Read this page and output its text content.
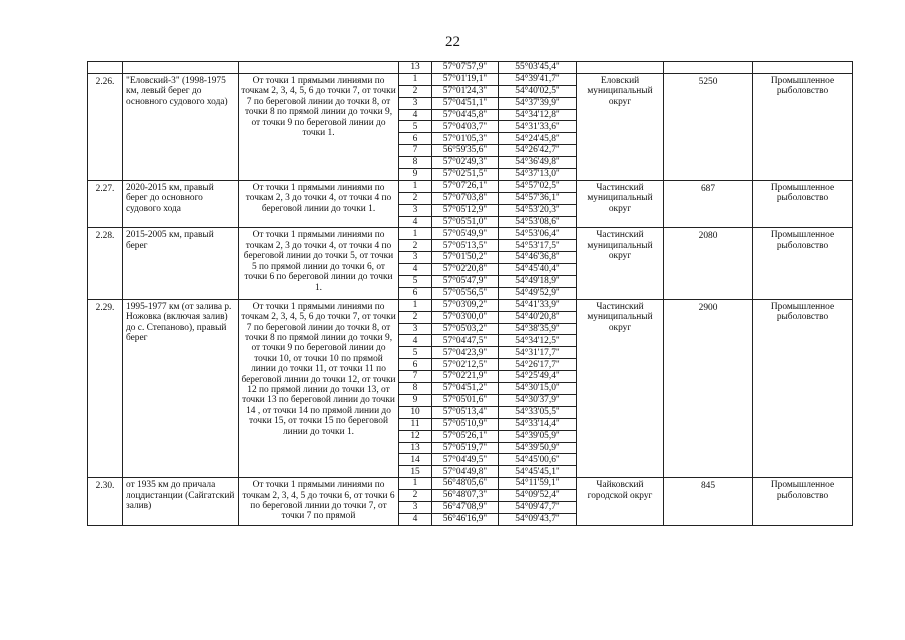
22
			13	57°07'57,9"	55°03'45,4"			
2.26.	"Еловский-3" (1998-1975 км, левый берег до основного судового хода)	От точки 1 прямыми линиями по точкам 2, 3, 4, 5, 6 до точки 7, от точки 7 по береговой линии до точки 8, от точки 8 по прямой линии до точки 9, от точки 9 по береговой линии до точки 1.	1	57°01'19,1"	54°39'41,7"	Еловский муниципальный округ	5250	Промышленное рыболовство
			2	57°01'24,3"	54°40'02,5"			
			3	57°04'51,1"	54°37'39,9"			
			4	57°04'45,8"	54°34'12,8"			
			5	57°04'03,7"	54°31'33,6"			
			6	57°01'05,3"	54°24'45,8"			
			7	56°59'35,6"	54°26'42,7"			
			8	57°02'49,3"	54°36'49,8"			
			9	57°02'51,5"	54°37'13,0"			
2.27.	2020-2015 км, правый берег до основного судового хода	От точки 1 прямыми линиями по точкам 2, 3 до точки 4, от точки 4 по береговой линии до точки 1.	1	57°07'26,1"	54°57'02,5"	Частинский муниципальный округ	687	Промышленное рыболовство
			2	57°07'03,8"	54°57'36,1"			
			3	57°05'12,9"	54°53'20,3"			
			4	57°05'51,0"	54°53'08,6"			
2.28.	2015-2005 км, правый берег	От точки 1 прямыми линиями по точкам 2, 3 до точки 4, от точки 4 по береговой линии до точки 5, от точки 5 по прямой линии до точки 6, от точки 6 по береговой линии до точки 1.	1	57°05'49,9"	54°53'06,4"	Частинский муниципальный округ	2080	Промышленное рыболовство
			2	57°05'13,5"	54°53'17,5"			
			3	57°01'50,2"	54°46'36,8"			
			4	57°02'20,8"	54°45'40,4"			
			5	57°05'47,9"	54°49'18,9"			
			6	57°05'56,5"	54°49'52,9"			
2.29.	1995-1977 км (от залива р. Ножовка (включая залив) до с. Степаново), правый берег	От точки 1 прямыми линиями по точкам 2, 3, 4, 5, 6 до точки 7, от точки 7 по береговой линии до точки 8, от точки 8 по прямой линии до точки 9, от точки 9 по береговой линии до точки 10, от точки 10 по прямой линии до точки 11, от точки 11 по береговой линии до точки 12, от точки 12 по прямой линии до точки 13, от точки 13 по береговой линии до точки 14 , от точки 14 по прямой линии до точки 15, от точки 15 по береговой линии до точки 1.	1	57°03'09,2"	54°41'33,9"	Частинский муниципальный округ	2900	Промышленное рыболовство
			2	57°03'00,0"	54°40'20,8"			
			3	57°05'03,2"	54°38'35,9"			
			4	57°04'47,5"	54°34'12,5"			
			5	57°04'23,9"	54°31'17,7"			
			6	57°02'12,5"	54°26'17,7"			
			7	57°02'21,9"	54°25'49,4"			
			8	57°04'51,2"	54°30'15,0"			
			9	57°05'01,6"	54°30'37,9"			
			10	57°05'13,4"	54°33'05,5"			
			11	57°05'10,9"	54°33'14,4"			
			12	57°05'26,1"	54°39'05,9"			
			13	57°05'19,7"	54°39'50,9"			
			14	57°04'49,5"	54°45'00,6"			
			15	57°04'49,8"	54°45'45,1"			
2.30.	от 1935 км до причала лоцдистанции (Сайгатский залив)	От точки 1 прямыми линиями по точкам 2, 3, 4, 5 до точки 6, от точки 6 по береговой линии до точки 7, от точки 7 по прямой	1	56°48'05,6"	54°11'59,1"	Чайковский городской округ	845	Промышленное рыболовство
			2	56°48'07,3"	54°09'52,4"			
			3	56°47'08,9"	54°09'47,7"			
			4	56°46'16,9"	54°09'43,7"			
